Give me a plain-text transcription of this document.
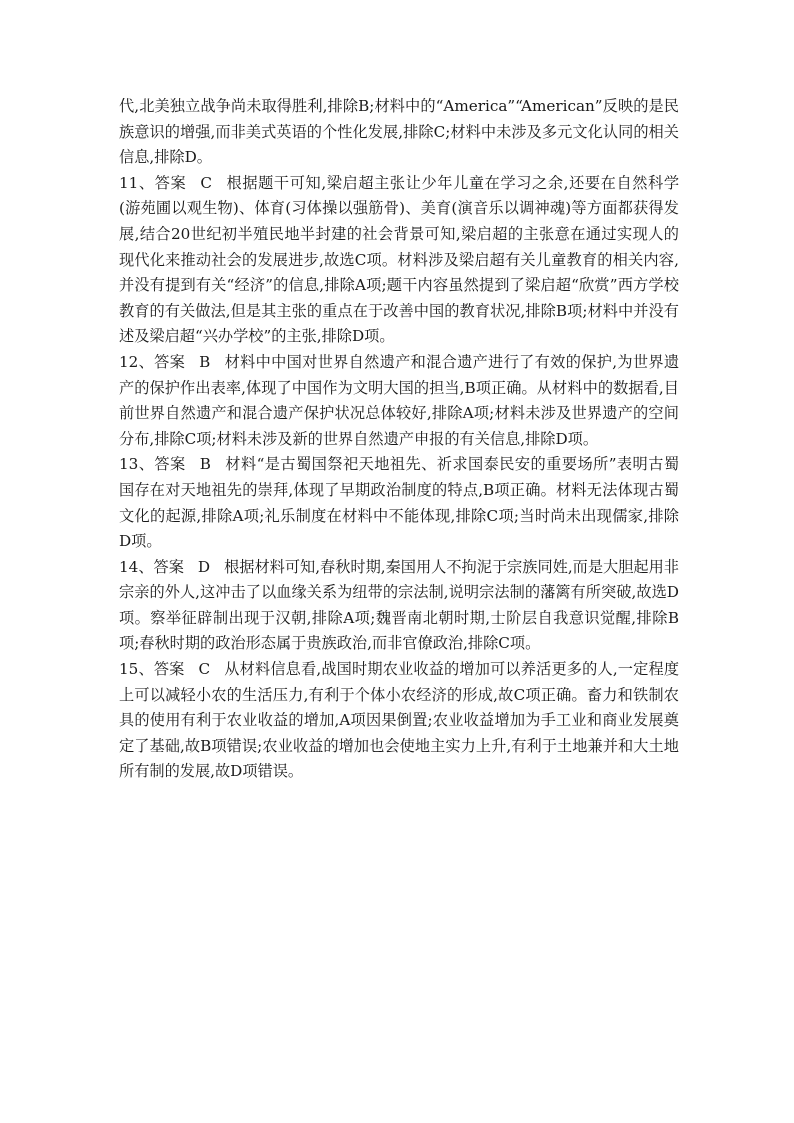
代,北美独立战争尚未取得胜利,排除B;材料中的“America”“American”反映的是民族意识的增强,而非美式英语的个性化发展,排除C;材料中未涉及多元文化认同的相关信息,排除D。

11、答案 C 根据题干可知,梁启超主张让少年儿童在学习之余,还要在自然科学(游苑圃以观生物)、体育(习体操以强筋骨)、美育(演音乐以调神魂)等方面都获得发展,结合20世纪初半殖民地半封建的社会背景可知,梁启超的主张意在通过实现人的现代化来推动社会的发展进步,故选C项。材料涉及梁启超有关儿童教育的相关内容,并没有提到有关“经济”的信息,排除A项;题干内容虽然提到了梁启超“欣赏”西方学校教育的有关做法,但是其主张的重点在于改善中国的教育状况,排除B项;材料中并没有述及梁启超“兴办学校”的主张,排除D项。

12、答案 B 材料中中国对世界自然遗产和混合遗产进行了有效的保护,为世界遗产的保护作出表率,体现了中国作为文明大国的担当,B项正确。从材料中的数据看,目前世界自然遗产和混合遗产保护状况总体较好,排除A项;材料未涉及世界遗产的空间分布,排除C项;材料未涉及新的世界自然遗产申报的有关信息,排除D项。

13、答案 B 材料“是古蜀国祭祀天地祖先、祈求国泰民安的重要场所”表明古蜀国存在对天地祖先的崇拜,体现了早期政治制度的特点,B项正确。材料无法体现古蜀文化的起源,排除A项;礼乐制度在材料中不能体现,排除C项;当时尚未出现儒家,排除D项。

14、答案 D 根据材料可知,春秋时期,秦国用人不拘泥于宗族同姓,而是大胆起用非宗亲的外人,这冲击了以血缘关系为纽带的宗法制,说明宗法制的藩篱有所突破,故选D项。察举征辟制出现于汉朝,排除A项;魏晋南北朝时期,士阶层自我意识觉醒,排除B项;春秋时期的政治形态属于贵族政治,而非官僚政治,排除C项。

15、答案 C 从材料信息看,战国时期农业收益的增加可以养活更多的人,一定程度上可以减轻小农的生活压力,有利于个体小农经济的形成,故C项正确。畜力和铁制农具的使用有利于农业收益的增加,A项因果倒置;农业收益增加为手工业和商业发展奠定了基础,故B项错误;农业收益的增加也会使地主实力上升,有利于土地兼并和大土地所有制的发展,故D项错误。
